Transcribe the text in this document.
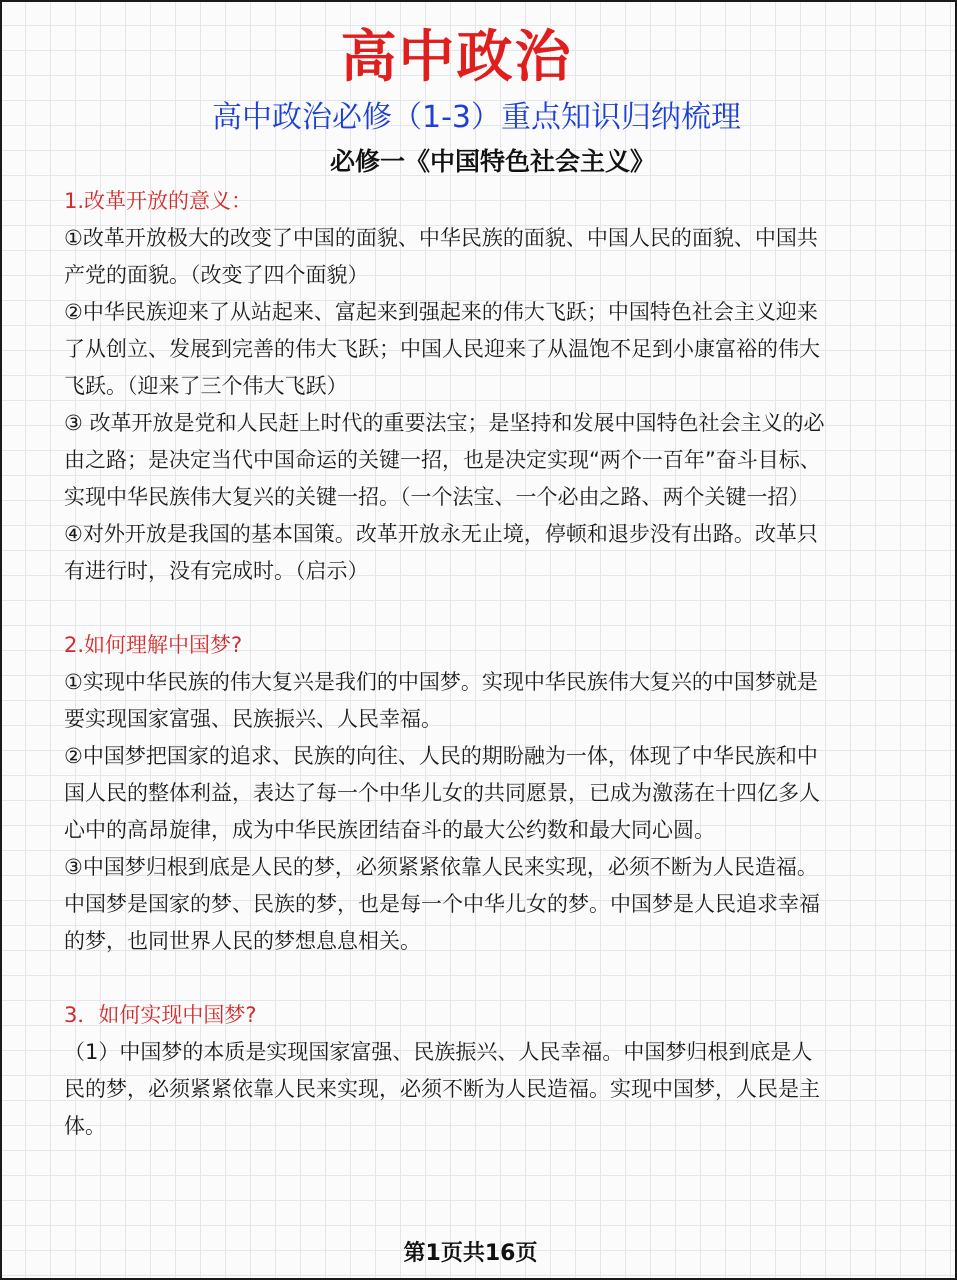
高中政治
高中政治必修（1-3）重点知识归纳梳理
必修一《中国特色社会主义》

1.改革开放的意义：

①改革开放极大的改变了中国的面貌、中华民族的面貌、中国人民的面貌、中国共产党的面貌。（改变了四个面貌）

②中华民族迎来了从站起来、富起来到强起来的伟大飞跃；中国特色社会主义迎来了从创立、发展到完善的伟大飞跃；中国人民迎来了从温饱不足到小康富裕的伟大飞跃。（迎来了三个伟大飞跃）

③ 改革开放是党和人民赶上时代的重要法宝；是坚持和发展中国特色社会主义的必由之路；是决定当代中国命运的关键一招，也是决定实现“两个一百年”奋斗目标、实现中华民族伟大复兴的关键一招。（一个法宝、一个必由之路、两个关键一招）

④对外开放是我国的基本国策。改革开放永无止境，停顿和退步没有出路。改革只有进行时，没有完成时。（启示）

2.如何理解中国梦?

①实现中华民族的伟大复兴是我们的中国梦。实现中华民族伟大复兴的中国梦就是要实现国家富强、民族振兴、人民幸福。

②中国梦把国家的追求、民族的向往、人民的期盼融为一体，体现了中华民族和中国人民的整体利益，表达了每一个中华儿女的共同愿景，已成为激荡在十四亿多人心中的高昂旋律，成为中华民族团结奋斗的最大公约数和最大同心圆。

③中国梦归根到底是人民的梦，必须紧紧依靠人民来实现，必须不断为人民造福。中国梦是国家的梦、民族的梦，也是每一个中华儿女的梦。中国梦是人民追求幸福的梦，也同世界人民的梦想息息相关。

3．如何实现中国梦?

（1）中国梦的本质是实现国家富强、民族振兴、人民幸福。中国梦归根到底是人民的梦，必须紧紧依靠人民来实现，必须不断为人民造福。实现中国梦，人民是主体。

第1页共16页
